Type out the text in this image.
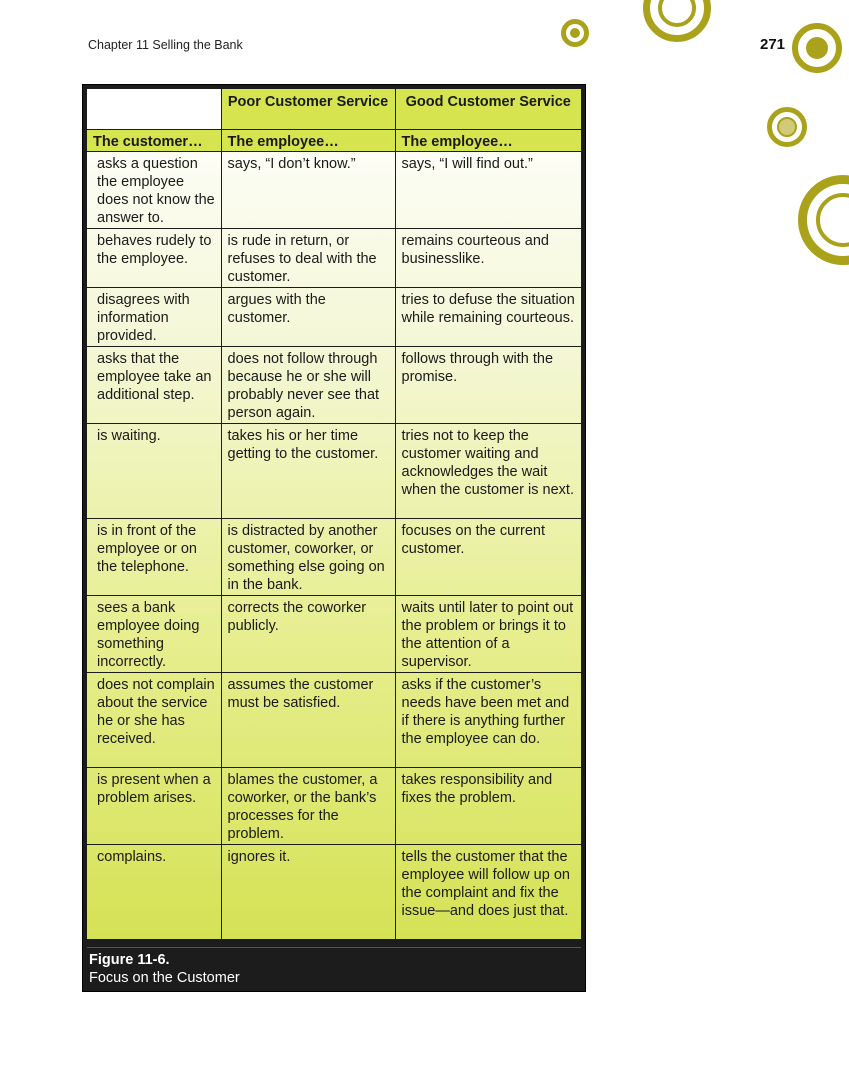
Chapter 11 Selling the Bank	271
	Poor Customer Service	Good Customer Service
The customer…	The employee…	The employee…
asks a question the employee does not know the answer to.	says, “I don’t know.”	says, “I will find out.”
behaves rudely to the employee.	is rude in return, or refuses to deal with the customer.	remains courteous and businesslike.
disagrees with information provided.	argues with the customer.	tries to defuse the situation while remaining courteous.
asks that the employee take an additional step.	does not follow through because he or she will probably never see that person again.	follows through with the promise.
is waiting.	takes his or her time getting to the customer.	tries not to keep the customer waiting and acknowledges the wait when the customer is next.
is in front of the employee or on the telephone.	is distracted by another customer, coworker, or something else going on in the bank.	focuses on the current customer.
sees a bank employee doing something incorrectly.	corrects the coworker publicly.	waits until later to point out the problem or brings it to the attention of a supervisor.
does not complain about the service he or she has received.	assumes the customer must be satisfied.	asks if the customer’s needs have been met and if there is anything further the employee can do.
is present when a problem arises.	blames the customer, a coworker, or the bank’s processes for the problem.	takes responsibility and fixes the problem.
complains.	ignores it.	tells the customer that the employee will follow up on the complaint and fix the issue—and does just that.
Figure 11-6.
Focus on the Customer
